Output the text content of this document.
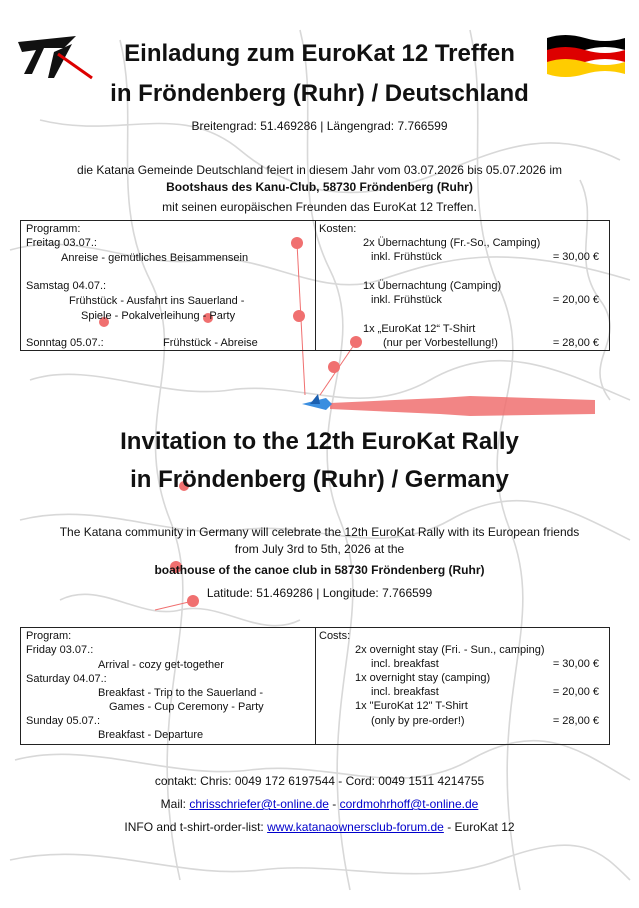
Einladung zum EuroKat 12 Treffen
in Fröndenberg (Ruhr) / Deutschland
Breitengrad: 51.469286 | Längengrad: 7.766599
die Katana Gemeinde Deutschland feiert in diesem Jahr vom 03.07.2026 bis 05.07.2026 im
Bootshaus des Kanu-Club, 58730 Fröndenberg (Ruhr)
mit seinen europäischen Freunden das EuroKat 12 Treffen.
Programm:
Freitag 03.07.:
Anreise - gemütliches Beisammensein
Samstag 04.07.:
Frühstück - Ausfahrt ins Sauerland -
Spiele - Pokalverleihung - Party
Sonntag 05.07.:	Frühstück - Abreise
Kosten:
2x Übernachtung (Fr.-So., Camping)
inkl. Frühstück	= 30,00 €
1x Übernachtung (Camping)
inkl. Frühstück	= 20,00 €
1x „EuroKat 12“ T-Shirt
(nur per Vorbestellung!)	= 28,00 €
Invitation to the 12th EuroKat Rally
in Fröndenberg (Ruhr) / Germany
The Katana community in Germany will celebrate the 12th EuroKat Rally with its European friends
from July 3rd to 5th, 2026 at the
boathouse of the canoe club in 58730 Fröndenberg (Ruhr)
Latitude: 51.469286 | Longitude: 7.766599
Program:
Friday 03.07.:
Arrival - cozy get-together
Saturday 04.07.:
Breakfast - Trip to the Sauerland -
Games - Cup Ceremony - Party
Sunday 05.07.:
Breakfast - Departure
Costs:
2x overnight stay (Fri. - Sun., camping)
incl. breakfast	= 30,00 €
1x overnight stay (camping)
incl. breakfast	= 20,00 €
1x "EuroKat 12" T-Shirt
(only by pre-order!)	= 28,00 €
contakt: Chris: 0049 172 6197544 - Cord: 0049 1511 4214755
Mail: chrisschriefer@t-online.de - cordmohrhoff@t-online.de
INFO and t-shirt-order-list: www.katanaownersclub-forum.de - EuroKat 12
